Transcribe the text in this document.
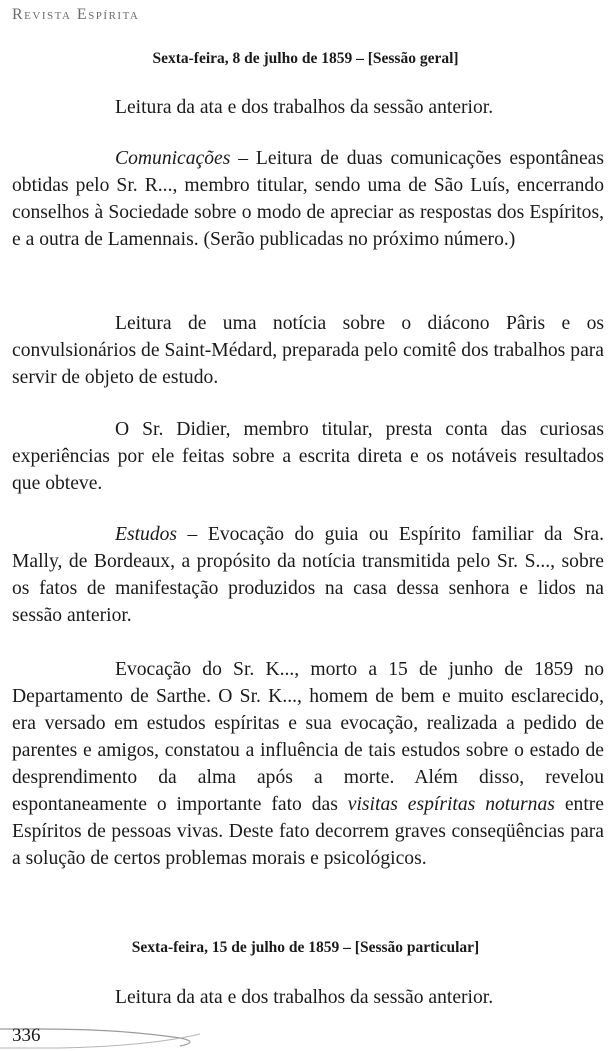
Revista Espírita
Sexta-feira, 8 de julho de 1859 – [Sessão geral]
Leitura da ata e dos trabalhos da sessão anterior.
Comunicações – Leitura de duas comunicações espontâneas obtidas pelo Sr. R..., membro titular, sendo uma de São Luís, encerrando conselhos à Sociedade sobre o modo de apreciar as respostas dos Espíritos, e a outra de Lamennais. (Serão publicadas no próximo número.)
Leitura de uma notícia sobre o diácono Pâris e os convulsionários de Saint-Médard, preparada pelo comitê dos trabalhos para servir de objeto de estudo.
O Sr. Didier, membro titular, presta conta das curiosas experiências por ele feitas sobre a escrita direta e os notáveis resultados que obteve.
Estudos – Evocação do guia ou Espírito familiar da Sra. Mally, de Bordeaux, a propósito da notícia transmitida pelo Sr. S..., sobre os fatos de manifestação produzidos na casa dessa senhora e lidos na sessão anterior.
Evocação do Sr. K..., morto a 15 de junho de 1859 no Departamento de Sarthe. O Sr. K..., homem de bem e muito esclarecido, era versado em estudos espíritas e sua evocação, realizada a pedido de parentes e amigos, constatou a influência de tais estudos sobre o estado de desprendimento da alma após a morte. Além disso, revelou espontaneamente o importante fato das visitas espíritas noturnas entre Espíritos de pessoas vivas. Deste fato decorrem graves conseqüências para a solução de certos problemas morais e psicológicos.
Sexta-feira, 15 de julho de 1859 – [Sessão particular]
Leitura da ata e dos trabalhos da sessão anterior.
336
